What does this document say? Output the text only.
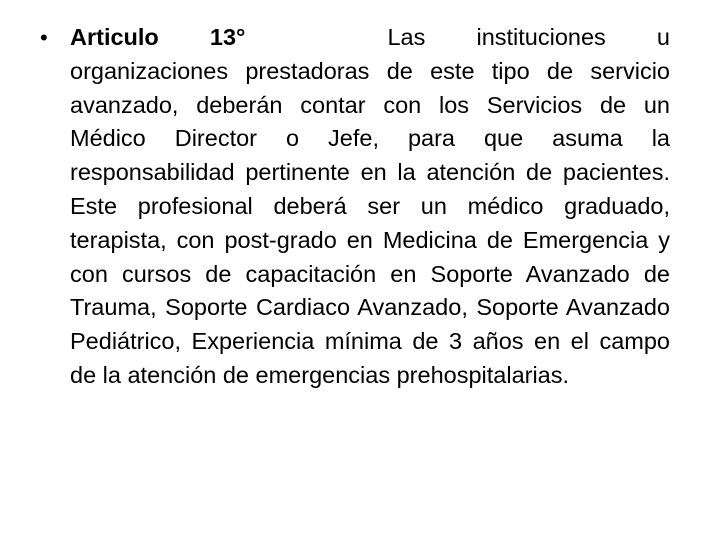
• Articulo 13°	Las instituciones u organizaciones prestadoras de este tipo de servicio avanzado, deberán contar con los Servicios de un Médico Director o Jefe, para que asuma la responsabilidad pertinente en la atención de pacientes. Este profesional deberá ser un médico graduado, terapista, con post-grado en Medicina de Emergencia y con cursos de capacitación en Soporte Avanzado de Trauma, Soporte Cardiaco Avanzado, Soporte Avanzado Pediátrico, Experiencia mínima de 3 años en el campo de la atención de emergencias prehospitalarias.
